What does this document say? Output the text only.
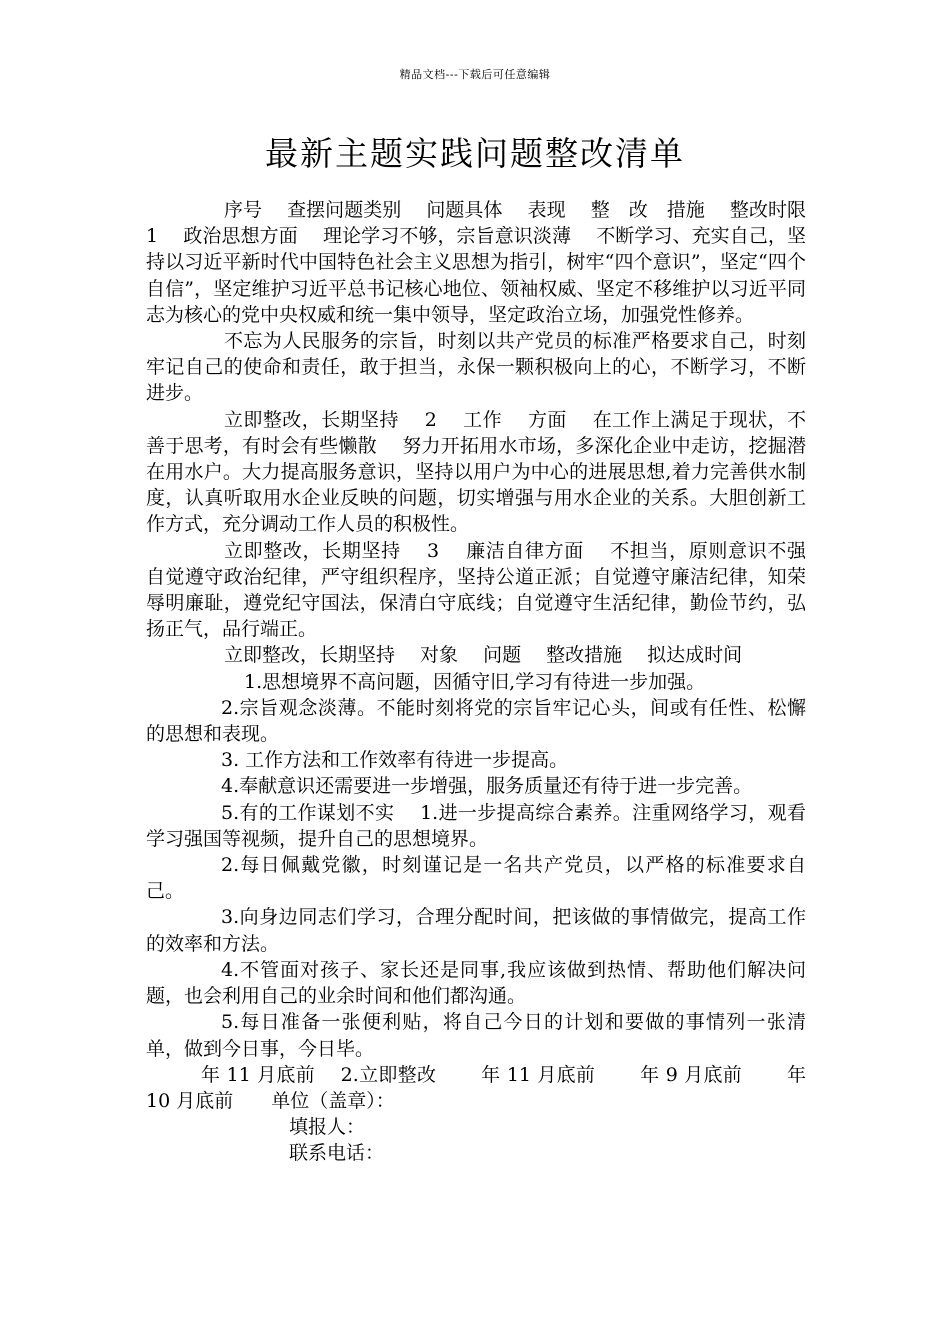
精品文档---下载后可任意编辑
最新主题实践问题整改清单

序号　 查摆问题类别　 问题具体　 表现　 整　改　措施　 整改时限　 1　 政治思想方面　 理论学习不够，宗旨意识淡薄　 不断学习、充实自己，坚持以习近平新时代中国特色社会主义思想为指引，树牢“四个意识”，坚定“四个自信”，坚定维护习近平总书记核心地位、领袖权威、坚定不移维护以习近平同志为核心的党中央权威和统一集中领导，坚定政治立场，加强党性修养。

不忘为人民服务的宗旨，时刻以共产党员的标准严格要求自己，时刻牢记自己的使命和责任，敢于担当，永保一颗积极向上的心，不断学习，不断进步。

立即整改，长期坚持　 2　 工作　 方面　 在工作上满足于现状，不善于思考，有时会有些懒散　 努力开拓用水市场，多深化企业中走访，挖掘潜在用水户。大力提高服务意识，坚持以用户为中心的进展思想,着力完善供水制度，认真听取用水企业反映的问题，切实增强与用水企业的关系。大胆创新工作方式，充分调动工作人员的积极性。

立即整改，长期坚持　 3　 廉洁自律方面　 不担当，原则意识不强　 自觉遵守政治纪律，严守组织程序，坚持公道正派；自觉遵守廉洁纪律，知荣辱明廉耻，遵党纪守国法，保清白守底线；自觉遵守生活纪律，勤俭节约，弘扬正气，品行端正。

立即整改，长期坚持　 对象　 问题　 整改措施　 拟达成时间

1.思想境界不高问题，因循守旧,学习有待进一步加强。

2.宗旨观念淡薄。不能时刻将党的宗旨牢记心头，间或有任性、松懈的思想和表现。

3. 工作方法和工作效率有待进一步提高。

4.奉献意识还需要进一步增强，服务质量还有待于进一步完善。

5.有的工作谋划不实　 1.进一步提高综合素养。注重网络学习，观看学习强国等视频，提升自己的思想境界。

2.每日佩戴党徽，时刻谨记是一名共产党员，以严格的标准要求自己。

3.向身边同志们学习，合理分配时间，把该做的事情做完，提高工作的效率和方法。

4.不管面对孩子、家长还是同事,我应该做到热情、帮助他们解决问题，也会利用自己的业余时间和他们都沟通。

5.每日准备一张便利贴，将自己今日的计划和要做的事情列一张清单，做到今日事，今日毕。

年 11 月底前　 2.立即整改　　 年 11 月底前　　 年 9 月底前　　 年 10 月底前　　单位（盖章）：

填报人：

联系电话：
